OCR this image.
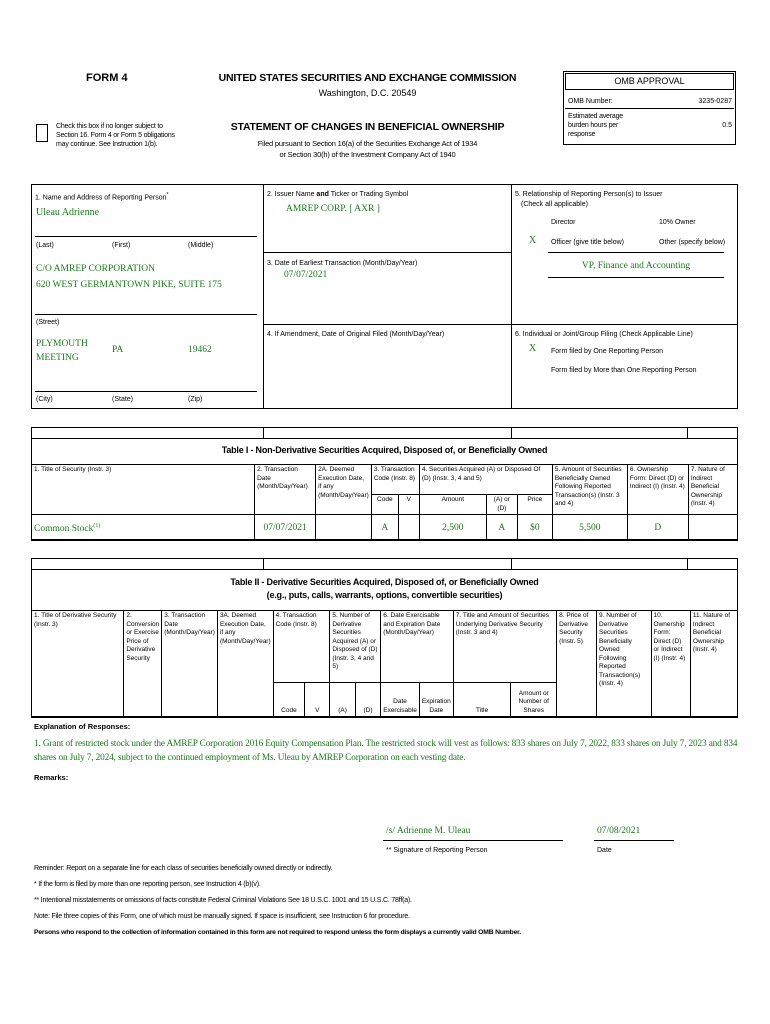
FORM 4	UNITED STATES SECURITIES AND EXCHANGE COMMISSION
Washington, D.C. 20549
Check this box if no longer subject to Section 16. Form 4 or Form 5 obligations may continue. See Instruction 1(b).
STATEMENT OF CHANGES IN BENEFICIAL OWNERSHIP
Filed pursuant to Section 16(a) of the Securities Exchange Act of 1934
or Section 30(h) of the Investment Company Act of 1940
OMB APPROVAL
OMB Number:	3235-0287
Estimated average burden hours per response
0.5
1. Name and Address of Reporting Person*
Uleau Adrienne
(Last)	(First)	(Middle)
C/O AMREP CORPORATION
620 WEST GERMANTOWN PIKE, SUITE 175
(Street)
PLYMOUTH MEETING
PA	19462
(City)	(State)	(Zip)
2. Issuer Name and Ticker or Trading Symbol
AMREP CORP. [ AXR ]
3. Date of Earliest Transaction (Month/Day/Year)
07/07/2021
4. If Amendment, Date of Original Filed (Month/Day/Year)
5. Relationship of Reporting Person(s) to Issuer
(Check all applicable)
Director	10% Owner
X Officer (give title below)	Other (specify below)
VP, Finance and Accounting
6. Individual or Joint/Group Filing (Check Applicable Line)
X Form filed by One Reporting Person
Form filed by More than One Reporting Person
Table I - Non-Derivative Securities Acquired, Disposed of, or Beneficially Owned
1. Title of Security (Instr. 3)	2. Transaction Date (Month/Day/Year)	2A. Deemed Execution Date, if any (Month/Day/Year)	3. Transaction Code (Instr. 8)		4. Securities Acquired (A) or Disposed Of (D) (Instr. 3, 4 and 5)			5. Amount of Securities Beneficially Owned Following Reported Transaction(s) (Instr. 3 and 4)	6. Ownership Form: Direct (D) or Indirect (I) (Instr. 4)	7. Nature of Indirect Beneficial Ownership (Instr. 4)
			Code	V	Amount	(A) or (D)	Price			
Common Stock$^{(1)}$	07/07/2021		A		2,500	A	$0	5,500	D	
Table II - Derivative Securities Acquired, Disposed of, or Beneficially Owned
(e.g., puts, calls, warrants, options, convertible securities)
1. Title of Derivative Security (Instr. 3)	2. Conversion or Exercise Price of Derivative Security	3. Transaction Date (Month/Day/Year)	3A. Deemed Execution Date, if any (Month/Day/Year)	4. Transaction Code (Instr. 8)		5. Number of Derivative Securities Acquired (A) or Disposed of (D) (Instr. 3, 4 and 5)		6. Date Exercisable and Expiration Date (Month/Day/Year)		7. Title and Amount of Securities Underlying Derivative Security (Instr. 3 and 4)		8. Price of Derivative Security (Instr. 5)	9. Number of Derivative Securities Beneficially Owned Following Reported Transaction(s) (Instr. 4)	10. Ownership Form: Direct (D) or Indirect (I) (Instr. 4)	11. Nature of Indirect Beneficial Ownership (Instr. 4)
				Code	V	(A)	(D)	Date Exercisable	Expiration Date	Title	Amount or Number of Shares				
Explanation of Responses:
1. Grant of restricted stock under the AMREP Corporation 2016 Equity Compensation Plan. The restricted stock will vest as follows: 833 shares on July 7, 2022, 833 shares on July 7, 2023 and 834 shares on July 7, 2024, subject to the continued employment of Ms. Uleau by AMREP Corporation on each vesting date.
Remarks:
/s/ Adrienne M. Uleau	07/08/2021
** Signature of Reporting Person	Date
Reminder: Report on a separate line for each class of securities beneficially owned directly or indirectly.
* If the form is filed by more than one reporting person, see Instruction 4 (b)(v).
** Intentional misstatements or omissions of facts constitute Federal Criminal Violations See 18 U.S.C. 1001 and 15 U.S.C. 78ff(a).
Note: File three copies of this Form, one of which must be manually signed. If space is insufficient, see Instruction 6 for procedure.
Persons who respond to the collection of information contained in this form are not required to respond unless the form displays a currently valid OMB Number.
